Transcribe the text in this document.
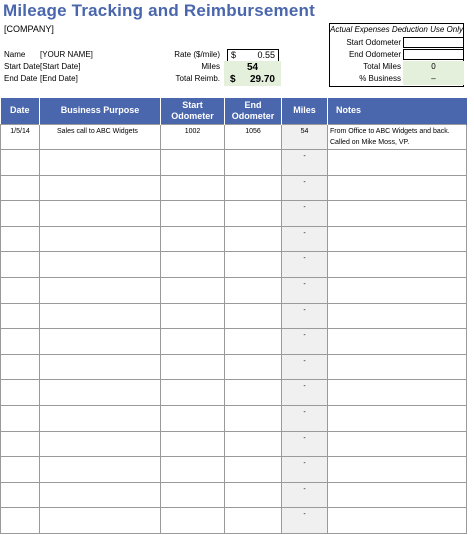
Mileage Tracking and Reimbursement
[COMPANY]
Name [YOUR NAME]
Start Date [Start Date]
End Date [End Date]
Rate ($/mile) $ 0.55
Miles	54
Total Reimb. $ 29.70
Actual Expenses Deduction Use Only
Start Odometer
End Odometer
Total Miles	0
% Business	–
Date	Business Purpose	Start Odometer	End Odometer	Miles	Notes
1/5/14	Sales call to ABC Widgets	1002	1056	54	From Office to ABC Widgets and back. Called on Mike Moss, VP.
				-	
				-	
				-	
				-	
				-	
				-	
				-	
				-	
				-	
				-	
				-	
				-	
				-	
				-	
				-	
